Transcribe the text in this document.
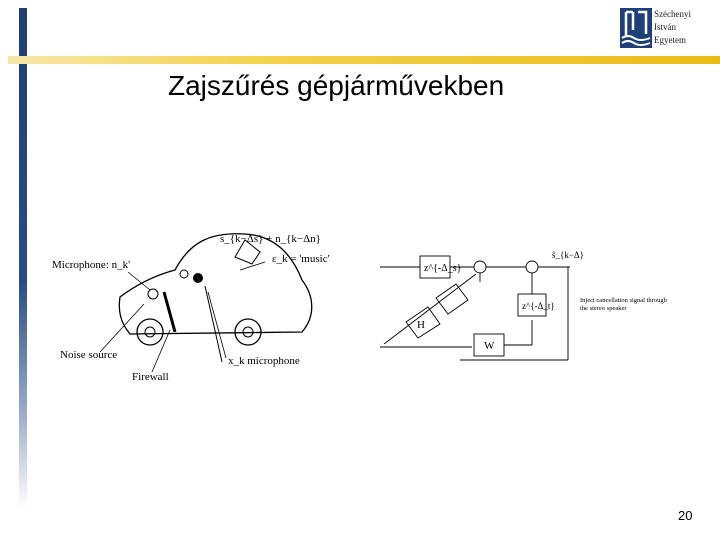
Széchenyi
István
Egyetem
Zajszűrés gépjárművekben
s_{k−Δs} + n_{k−Δn}
Microphone: n_k'	ε_k = 'music'
Noise source
Firewall
x_k microphone
z^{-Δ_s}
z^{-Δ_t}
H
W
ŝ_{k−Δ}
Inject cancellation signal through
the stereo speaker
20
